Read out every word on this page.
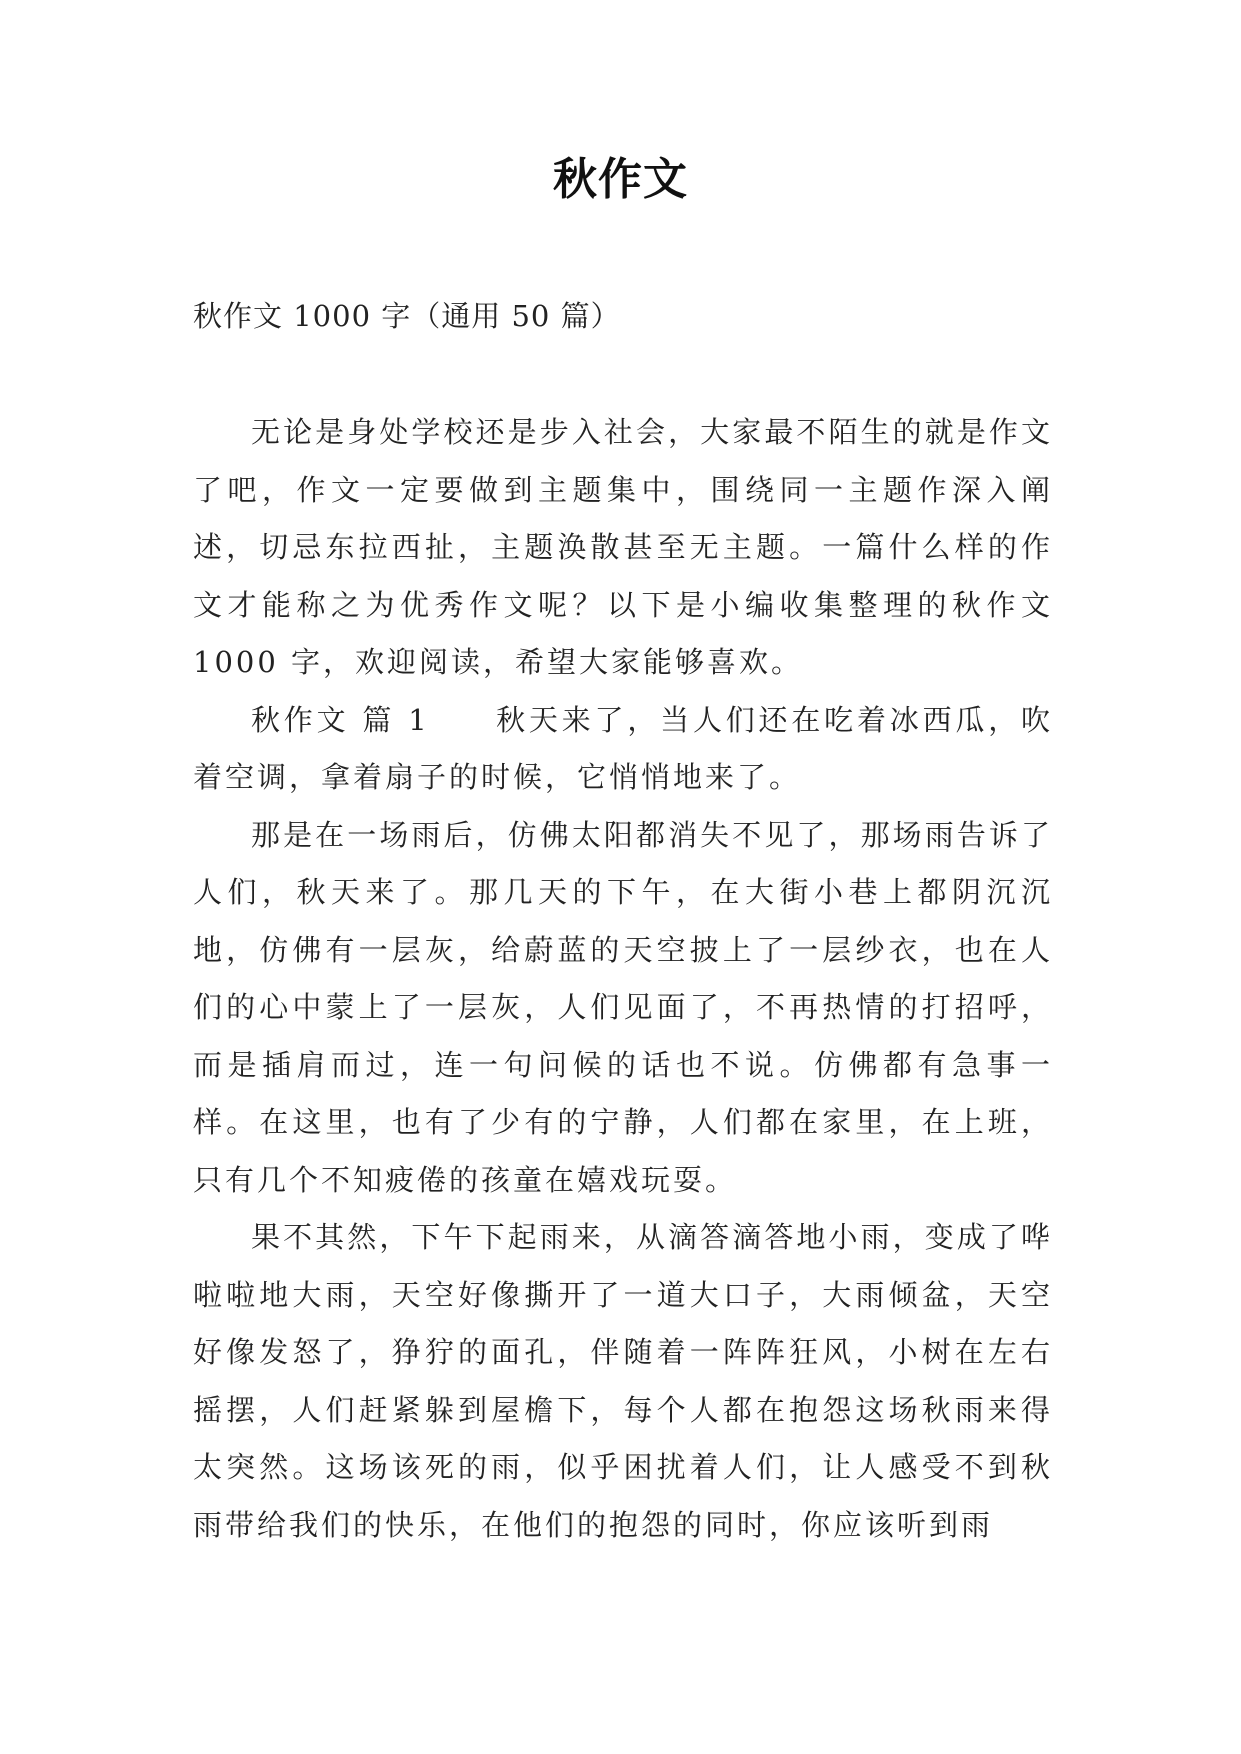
秋作文
秋作文 1000 字（通用 50 篇）

无论是身处学校还是步入社会，大家最不陌生的就是作文了吧，作文一定要做到主题集中，围绕同一主题作深入阐述，切忌东拉西扯，主题涣散甚至无主题。一篇什么样的作文才能称之为优秀作文呢？以下是小编收集整理的秋作文 1000 字，欢迎阅读，希望大家能够喜欢。

秋作文 篇 1　　秋天来了，当人们还在吃着冰西瓜，吹着空调，拿着扇子的时候，它悄悄地来了。

那是在一场雨后，仿佛太阳都消失不见了，那场雨告诉了人们，秋天来了。那几天的下午，在大街小巷上都阴沉沉地，仿佛有一层灰，给蔚蓝的天空披上了一层纱衣，也在人们的心中蒙上了一层灰，人们见面了，不再热情的打招呼，而是插肩而过，连一句问候的话也不说。仿佛都有急事一样。在这里，也有了少有的宁静，人们都在家里，在上班，只有几个不知疲倦的孩童在嬉戏玩耍。

果不其然，下午下起雨来，从滴答滴答地小雨，变成了哗啦啦地大雨，天空好像撕开了一道大口子，大雨倾盆，天空好像发怒了，狰狞的面孔，伴随着一阵阵狂风，小树在左右摇摆，人们赶紧躲到屋檐下，每个人都在抱怨这场秋雨来得太突然。这场该死的雨，似乎困扰着人们，让人感受不到秋雨带给我们的快乐，在他们的抱怨的同时，你应该听到雨
